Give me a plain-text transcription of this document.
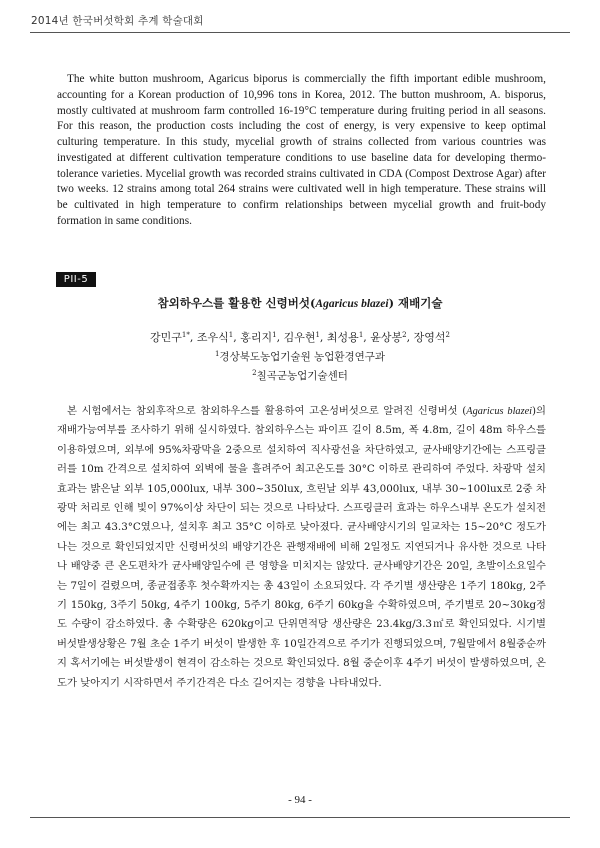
2014년 한국버섯학회 추계 학술대회

The white button mushroom, Agaricus biporus is commercially the fifth important edible mushroom, accounting for a Korean production of 10,996 tons in Korea, 2012. The button mushroom, A. bisporus, mostly cultivated at mushroom farm controlled 16-19°C temperature during fruiting period in all seasons. For this reason, the production costs including the cost of energy, is very expensive to keep optimal culturing temperature. In this study, mycelial growth of strains collected from various countries was investigated at different cultivation temperature conditions to use baseline data for developing thermo-tolerance varieties. Mycelial growth was recorded strains cultivated in CDA (Compost Dextrose Agar) after two weeks. 12 strains among total 264 strains were cultivated well in high temperature. These strains will be cultivated in high temperature to confirm relationships between mycelial growth and fruit-body formation in same conditions.

PII-5
참외하우스를 활용한 신령버섯(Agaricus blazei) 재배기술
강민구$^{1*}$, 조우식$^1$, 홍리지$^1$, 김우현$^1$, 최성용$^1$, 윤상봉$^2$, 장영석$^2$
$^1$경상북도농업기술원 농업환경연구과
$^2$칠곡군농업기술센터

본 시험에서는 참외후작으로 참외하우스를 활용하여 고온성버섯으로 알려진 신령버섯 (Agaricus blazei)의 재배가능여부를 조사하기 위해 실시하였다. 참외하우스는 파이프 길이 8.5m, 폭 4.8m, 길이 48m 하우스를 이용하였으며, 외부에 95%차광막을 2중으로 설치하여 직사광선을 차단하였고, 균사배양기간에는 스프링클러를 10m 간격으로 설치하여 외벽에 물을 흘려주어 최고온도를 30°C 이하로 관리하여 주었다. 차광막 설치효과는 밝은날 외부 105,000lux, 내부 300~350lux, 흐린날 외부 43,000lux, 내부 30~100lux로 2중 차광막 처리로 인해 빛이 97%이상 차단이 되는 것으로 나타났다. 스프링클러 효과는 하우스내부 온도가 설치전에는 최고 43.3°C였으나, 설치후 최고 35°C 이하로 낮아졌다. 균사배양시기의 일교차는 15~20°C 정도가 나는 것으로 확인되었지만 신령버섯의 배양기간은 관행재배에 비해 2일정도 지연되거나 유사한 것으로 나타나 배양중 큰 온도편차가 균사배양일수에 큰 영향을 미치지는 않았다. 균사배양기간은 20일, 초발이소요일수는 7일이 걸렸으며, 종균접종후 첫수확까지는 총 43일이 소요되었다. 각 주기별 생산량은 1주기 180kg, 2주기 150kg, 3주기 50kg, 4주기 100kg, 5주기 80kg, 6주기 60kg을 수확하였으며, 주기별로 20~30kg정도 수량이 감소하였다. 총 수확량은 620kg이고 단위면적당 생산량은 23.4kg/3.3㎡로 확인되었다. 시기별 버섯발생상황은 7월 초순 1주기 버섯이 발생한 후 10일간격으로 주기가 진행되었으며, 7월말에서 8월중순까지 혹서기에는 버섯발생이 현격이 감소하는 것으로 확인되었다. 8월 중순이후 4주기 버섯이 발생하였으며, 온도가 낮아지기 시작하면서 주기간격은 다소 길어지는 경향을 나타내었다.

- 94 -
